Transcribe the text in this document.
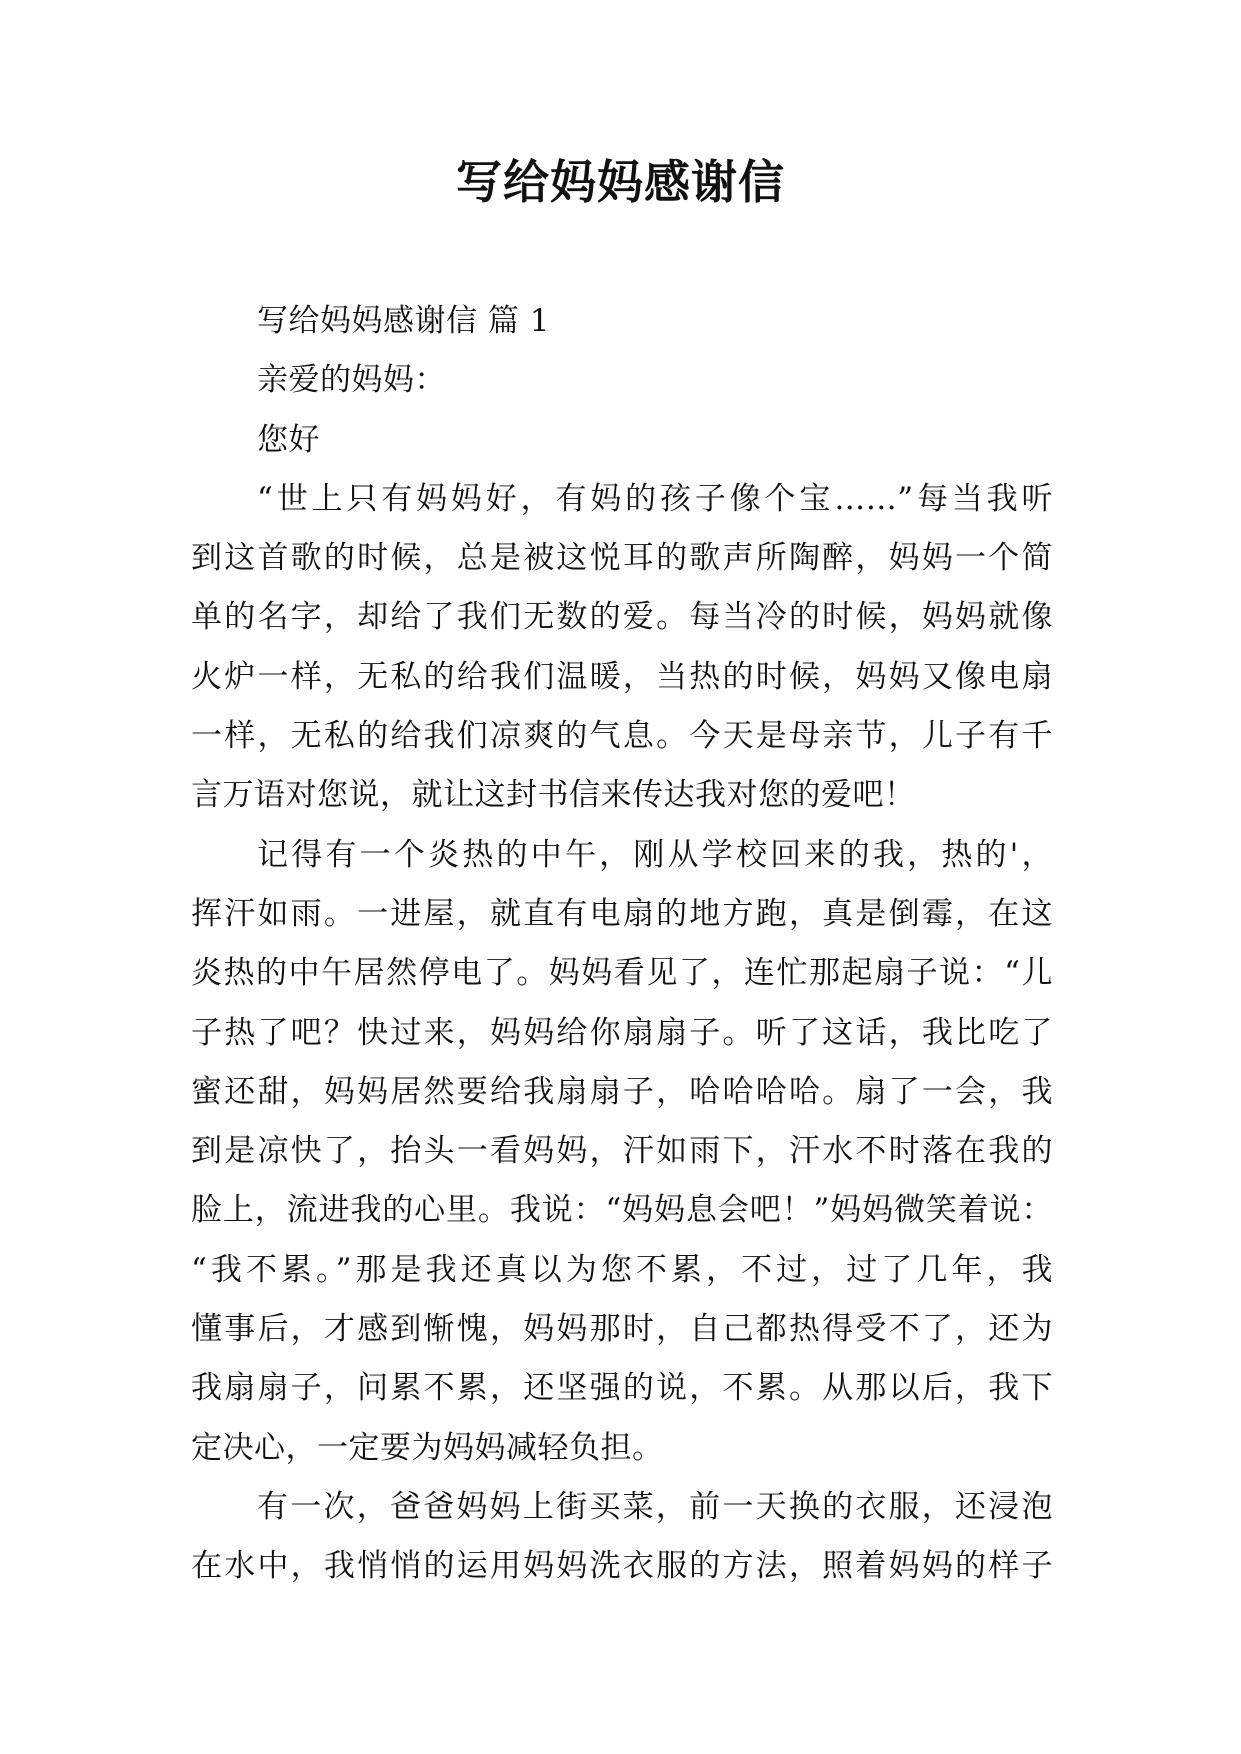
写给妈妈感谢信
写给妈妈感谢信 篇 1
亲爱的妈妈：
您好
“世上只有妈妈好，有妈的孩子像个宝……”每当我听
到这首歌的时候，总是被这悦耳的歌声所陶醉，妈妈一个简
单的名字，却给了我们无数的爱。每当冷的时候，妈妈就像
火炉一样，无私的给我们温暖，当热的时候，妈妈又像电扇
一样，无私的给我们凉爽的气息。今天是母亲节，儿子有千
言万语对您说，就让这封书信来传达我对您的爱吧！
记得有一个炎热的中午，刚从学校回来的我，热的'，
挥汗如雨。一进屋，就直有电扇的地方跑，真是倒霉，在这
炎热的中午居然停电了。妈妈看见了，连忙那起扇子说：“儿
子热了吧？快过来，妈妈给你扇扇子。听了这话，我比吃了
蜜还甜，妈妈居然要给我扇扇子，哈哈哈哈。扇了一会，我
到是凉快了，抬头一看妈妈，汗如雨下，汗水不时落在我的
脸上，流进我的心里。我说：“妈妈息会吧！”妈妈微笑着说：
“我不累。”那是我还真以为您不累，不过，过了几年，我
懂事后，才感到惭愧，妈妈那时，自己都热得受不了，还为
我扇扇子，问累不累，还坚强的说，不累。从那以后，我下
定决心，一定要为妈妈减轻负担。
有一次，爸爸妈妈上街买菜，前一天换的衣服，还浸泡
在水中，我悄悄的运用妈妈洗衣服的方法，照着妈妈的样子
